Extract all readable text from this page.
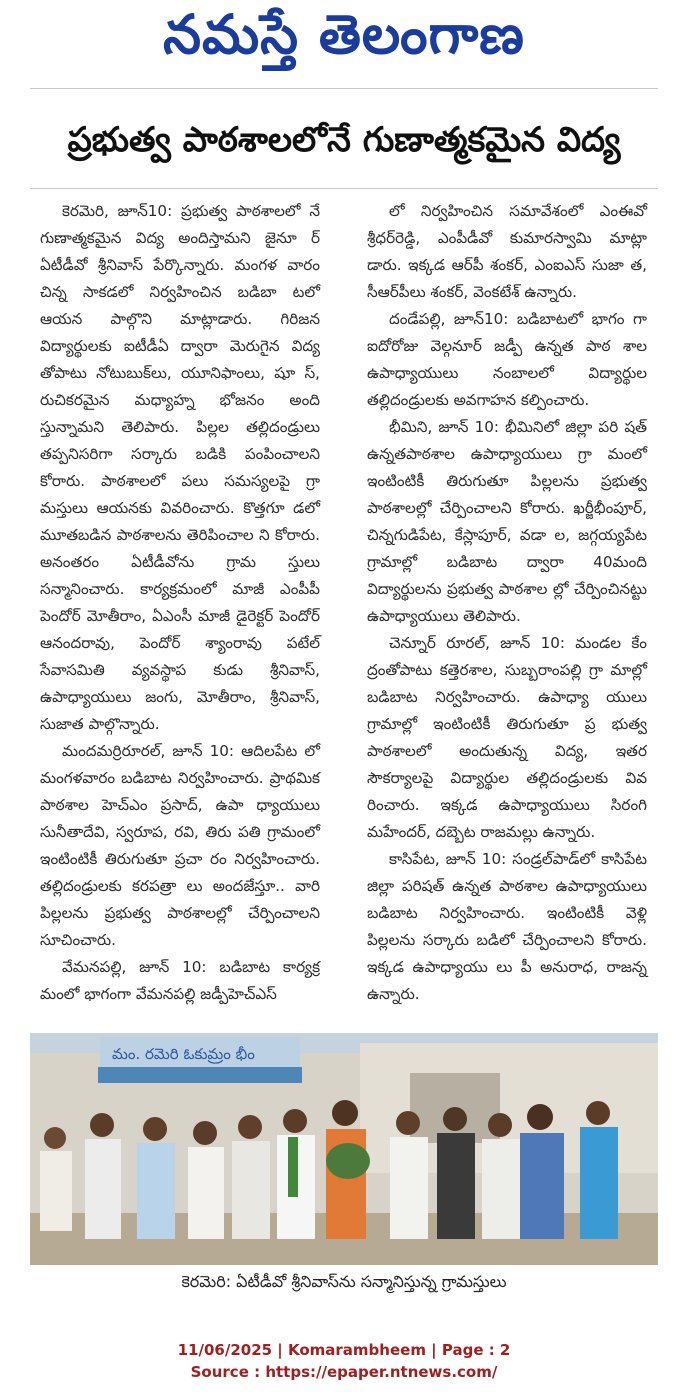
నమస్తే తెలంగాణ
ప్రభుత్వ పాఠశాలలోనే గుణాత్మకమైన విద్య

కెరమెరి, జూన్10: ప్రభుత్వ పాఠశాలలో నే గుణాత్మకమైన విద్య అందిస్తామని జైనూ ర్ ఏటీడీవో శ్రీనివాస్ పేర్కొన్నారు. మంగళ వారం చిన్న సాకడలో నిర్వహించిన బడిబా టలో ఆయన పాల్గొని మాట్లాడారు. గిరిజన విద్యార్థులకు ఐటీడీఏ ద్వారా మెరుగైన విద్య తోపాటు నోటుబుక్‌లు, యూనిఫాంలు, షూ స్, రుచికరమైన మధ్యాహ్న భోజనం అంది స్తున్నామని తెలిపారు. పిల్లల తల్లిదండ్రులు తప్పనిసరిగా సర్కారు బడికి పంపించాలని కోరారు. పాఠశాలలో పలు సమస్యలపై గ్రా మస్తులు ఆయనకు వివరించారు. కొత్తగూ డలో మూతబడిన పాఠశాలను తెరిపించాల ని కోరారు. అనంతరం ఏటీడీవోను గ్రామ స్తులు సన్మానించారు. కార్యక్రమంలో మాజీ ఎంపీపీ పెందోర్ మోతీరాం, ఏఎంసీ మాజీ డైరెక్టర్ పెందోర్ ఆనందరావు, పెందోర్ శ్యాంరావు పటేల్ సేవాసమితి వ్యవస్థాప కుడు శ్రీనివాస్, ఉపాధ్యాయులు జంగు, మోతీరాం, శ్రీనివాస్, సుజాత పాల్గొన్నారు.

మందమర్రిరూరల్, జూన్ 10: ఆదిలపేట లో మంగళవారం బడిబాట నిర్వహించారు. ప్రాథమిక పాఠశాల హెచ్ఎం ప్రసాద్, ఉపా ధ్యాయులు సునీతాదేవి, స్వరూప, రవి, తిరు పతి గ్రామంలో ఇంటింటికీ తిరుగుతూ ప్రచా రం నిర్వహించారు. తల్లిదండ్రులకు కరపత్రా లు అందజేస్తూ.. వారి పిల్లలను ప్రభుత్వ పాఠశాలల్లో చేర్పించాలని సూచించారు.

వేమనపల్లి, జూన్ 10: బడిబాట కార్యక్ర మంలో భాగంగా వేమనపల్లి జడ్పీహెచ్ఎస్

లో నిర్వహించిన సమావేశంలో ఎంఈవో శ్రీధర్‌రెడ్డి, ఎంపీడీవో కుమారస్వామి మాట్లా డారు. ఇక్కడ ఆర్‌పీ శంకర్, ఎంఐఎస్ సుజా త, సీఆర్‌పీలు శంకర్, వెంకటేశ్ ఉన్నారు.

దండేపల్లి, జూన్10: బడిబాటలో భాగం గా ఐదోరోజు వెల్గనూర్ జడ్పీ ఉన్నత పాఠ శాల ఉపాధ్యాయులు నంబాలలో విద్యార్థుల తల్లిదండ్రులకు అవగాహన కల్పించారు.

భీమిని, జూన్ 10: భీమినిలో జిల్లా పరి షత్ ఉన్నతపాఠశాల ఉపాధ్యాయులు గ్రా మంలో ఇంటింటికీ తిరుగుతూ పిల్లలను ప్రభుత్వ పాఠశాలల్లో చేర్పించాలని కోరారు. ఖర్జీభీంపూర్, చిన్నగుడిపేట, కేస్లాపూర్, వడా ల, జగ్గయ్యపేట గ్రామాల్లో బడిబాట ద్వారా 40మంది విద్యార్థులను ప్రభుత్వ పాఠశాల ల్లో చేర్పించినట్టు ఉపాధ్యాయులు తెలిపారు.

చెన్నూర్ రూరల్, జూన్ 10: మండల కేం ద్రంతోపాటు కత్తెరశాల, సుబ్బరాంపల్లి గ్రా మాల్లో బడిబాట నిర్వహించారు. ఉపాధ్యా యులు గ్రామాల్లో ఇంటింటికీ తిరుగుతూ ప్ర భుత్వ పాఠశాలలో అందుతున్న విద్య, ఇతర సౌకర్యాలపై విద్యార్థుల తల్లిదండ్రులకు వివ రించారు. ఇక్కడ ఉపాధ్యాయులు సిరంగి మహేందర్, దబ్బెట రాజమల్లు ఉన్నారు.

కాసిపేట, జూన్ 10: సండ్రల్‌పాడ్‌లో కాసిపేట జిల్లా పరిషత్ ఉన్నత పాఠశాల ఉపాధ్యాయులు బడిబాట నిర్వహించారు. ఇంటింటికీ వెళ్లి పిల్లలను సర్కారు బడిలో చేర్పించాలని కోరారు. ఇక్కడ ఉపాధ్యాయు లు పీ అనురాధ, రాజన్న ఉన్నారు.

మం. రమెరి ఓకుమ్రం భీం
కెరమెరి: ఏటీడీవో శ్రీనివాస్‌ను సన్మానిస్తున్న గ్రామస్తులు
11/06/2025 | Komarambheem | Page : 2
Source : https://epaper.ntnews.com/
